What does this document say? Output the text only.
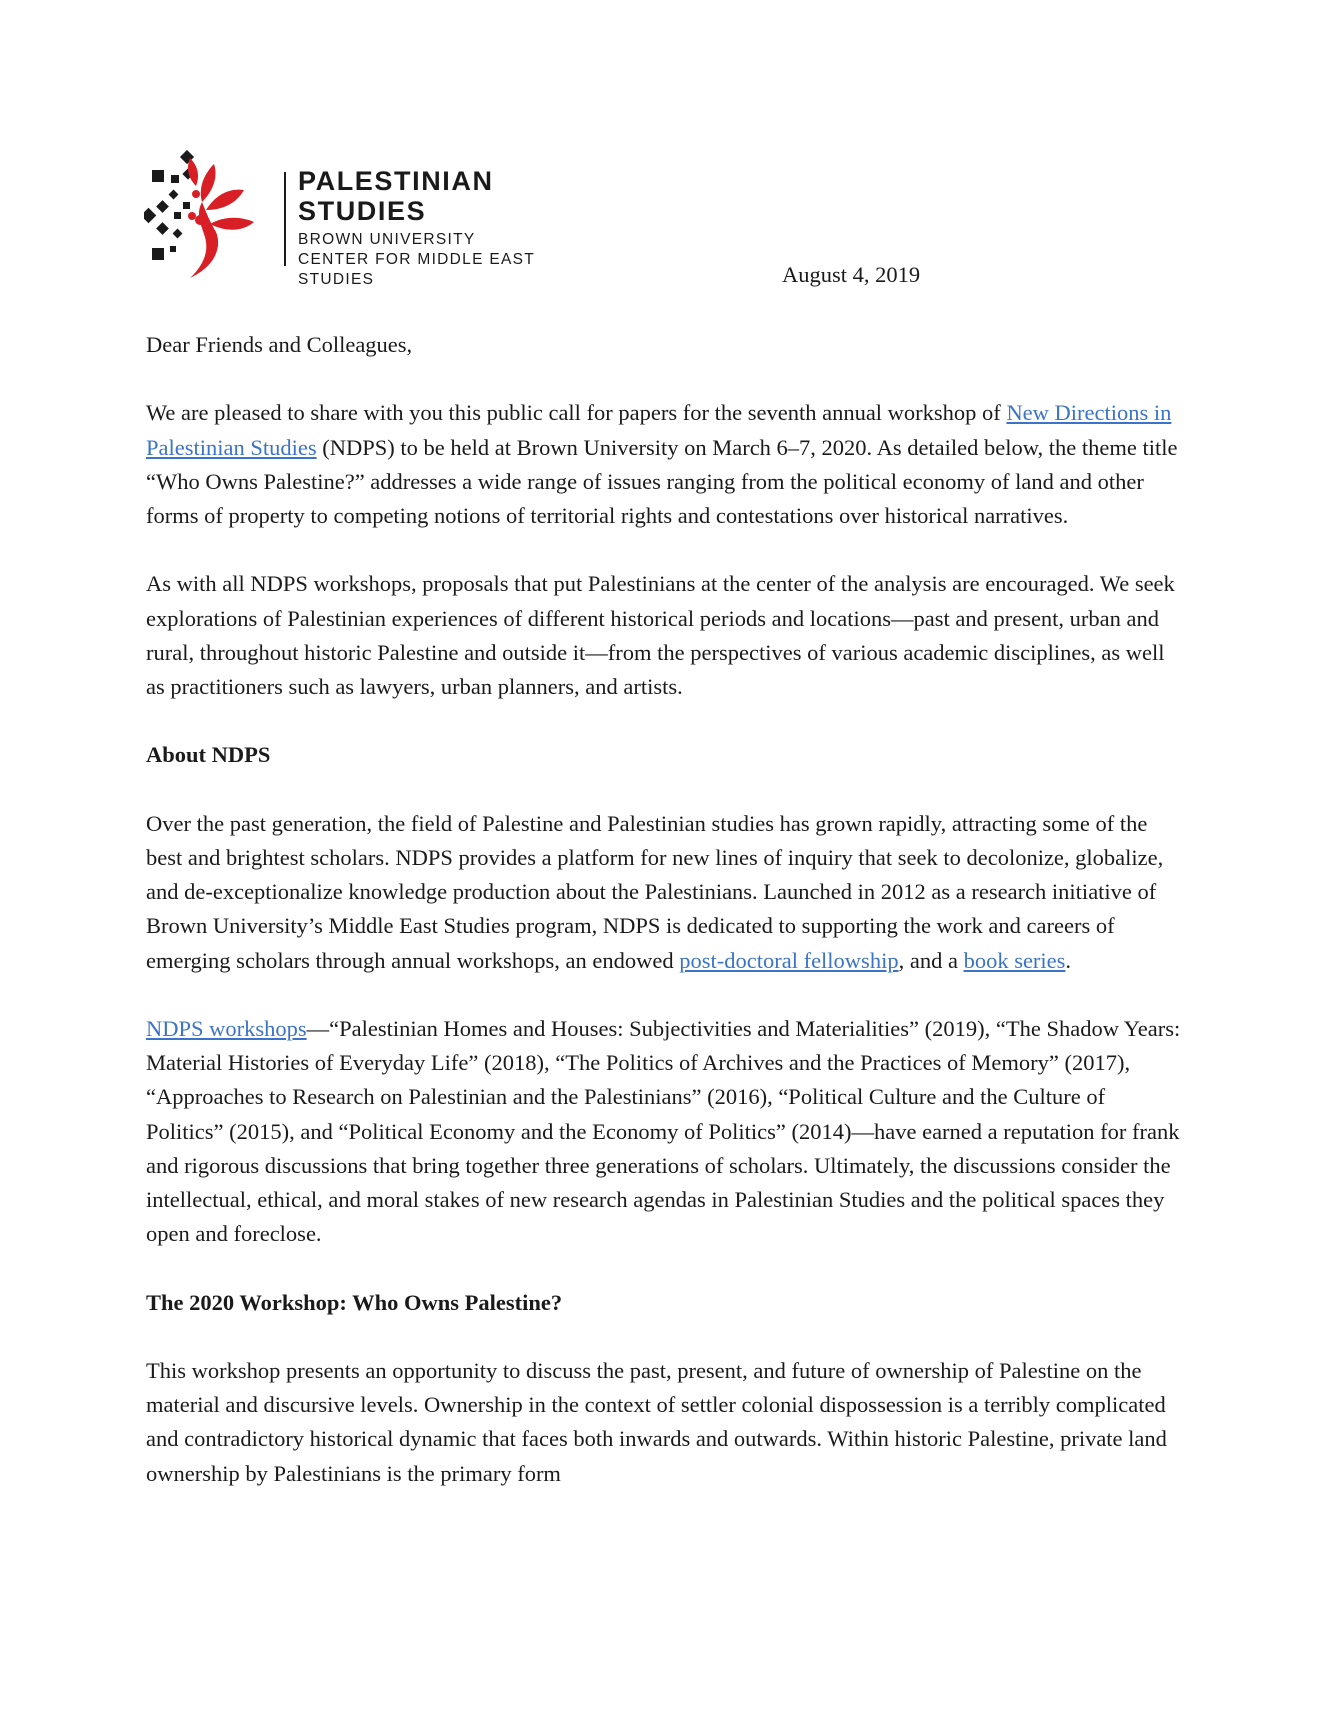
PALESTINIAN
STUDIES
BROWN UNIVERSITY
CENTER FOR MIDDLE EAST STUDIES	August 4, 2019

Dear Friends and Colleagues,

We are pleased to share with you this public call for papers for the seventh annual workshop of New Directions in Palestinian Studies (NDPS) to be held at Brown University on March 6–7, 2020. As detailed below, the theme title “Who Owns Palestine?” addresses a wide range of issues ranging from the political economy of land and other forms of property to competing notions of territorial rights and contestations over historical narratives.

As with all NDPS workshops, proposals that put Palestinians at the center of the analysis are encouraged. We seek explorations of Palestinian experiences of different historical periods and locations—past and present, urban and rural, throughout historic Palestine and outside it—from the perspectives of various academic disciplines, as well as practitioners such as lawyers, urban planners, and artists.

About NDPS

Over the past generation, the field of Palestine and Palestinian studies has grown rapidly, attracting some of the best and brightest scholars. NDPS provides a platform for new lines of inquiry that seek to decolonize, globalize, and de-exceptionalize knowledge production about the Palestinians. Launched in 2012 as a research initiative of Brown University’s Middle East Studies program, NDPS is dedicated to supporting the work and careers of emerging scholars through annual workshops, an endowed post-doctoral fellowship, and a book series.

NDPS workshops—“Palestinian Homes and Houses: Subjectivities and Materialities” (2019), “The Shadow Years: Material Histories of Everyday Life” (2018), “The Politics of Archives and the Practices of Memory” (2017), “Approaches to Research on Palestinian and the Palestinians” (2016), “Political Culture and the Culture of Politics” (2015), and “Political Economy and the Economy of Politics” (2014)—have earned a reputation for frank and rigorous discussions that bring together three generations of scholars. Ultimately, the discussions consider the intellectual, ethical, and moral stakes of new research agendas in Palestinian Studies and the political spaces they open and foreclose.

The 2020 Workshop: Who Owns Palestine?

This workshop presents an opportunity to discuss the past, present, and future of ownership of Palestine on the material and discursive levels. Ownership in the context of settler colonial dispossession is a terribly complicated and contradictory historical dynamic that faces both inwards and outwards. Within historic Palestine, private land ownership by Palestinians is the primary form
